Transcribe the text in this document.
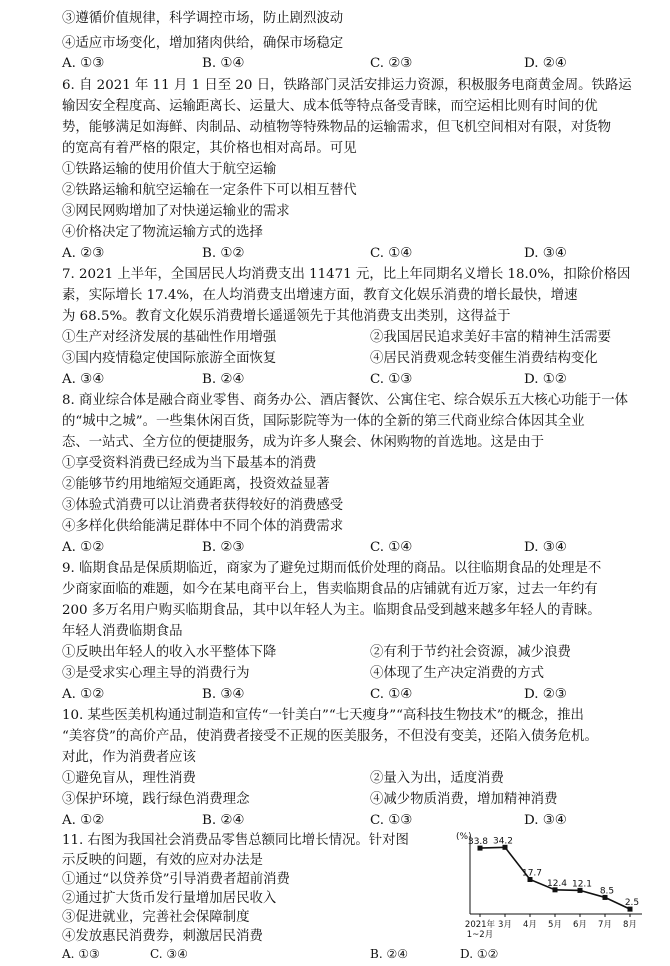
③遵循价值规律，科学调控市场，防止剧烈波动
④适应市场变化，增加猪肉供给，确保市场稳定
A. ①③	B. ①④	C. ②③	D. ②④
6. 自 2021 年 11 月 1 日至 20 日，铁路部门灵活安排运力资源，积极服务电商黄金周。铁路运
输因安全程度高、运输距离长、运量大、成本低等特点备受青睐，而空运相比则有时间的优
势，能够满足如海鲜、肉制品、动植物等特殊物品的运输需求，但飞机空间相对有限，对货物
的宽高有着严格的限定，其价格也相对高昂。可见
①铁路运输的使用价值大于航空运输
②铁路运输和航空运输在一定条件下可以相互替代
③网民网购增加了对快递运输业的需求
④价格决定了物流运输方式的选择
A. ②③	B. ①②	C. ①④	D. ③④
7. 2021 上半年，全国居民人均消费支出 11471 元，比上年同期名义增长 18.0%，扣除价格因
素，实际增长 17.4%，在人均消费支出增速方面，教育文化娱乐消费的增长最快，增速
为 68.5%。教育文化娱乐消费增长遥遥领先于其他消费支出类别，这得益于
①生产对经济发展的基础性作用增强	②我国居民追求美好丰富的精神生活需要
③国内疫情稳定使国际旅游全面恢复	④居民消费观念转变催生消费结构变化
A. ③④	B. ②④	C. ①③	D. ①②
8. 商业综合体是融合商业零售、商务办公、酒店餐饮、公寓住宅、综合娱乐五大核心功能于一体
的“城中之城”。一些集休闲百货，国际影院等为一体的全新的第三代商业综合体因其全业
态、一站式、全方位的便捷服务，成为许多人聚会、休闲购物的首选地。这是由于
①享受资料消费已经成为当下最基本的消费
②能够节约用地缩短交通距离，投资效益显著
③体验式消费可以让消费者获得较好的消费感受
④多样化供给能满足群体中不同个体的消费需求
A. ①②	B. ②③	C. ①④	D. ③④
9. 临期食品是保质期临近，商家为了避免过期而低价处理的商品。以往临期食品的处理是不
少商家面临的难题，如今在某电商平台上，售卖临期食品的店铺就有近万家，过去一年约有
200 多万名用户购买临期食品，其中以年轻人为主。临期食品受到越来越多年轻人的青睐。
年轻人消费临期食品
①反映出年轻人的收入水平整体下降	②有利于节约社会资源，减少浪费
③是受求实心理主导的消费行为	④体现了生产决定消费的方式
A. ①②	B. ③④	C. ①④	D. ②③
10. 某些医美机构通过制造和宣传“一针美白”“七天瘦身”“高科技生物技术”的概念，推出
“美容贷”的高价产品，使消费者接受不正规的医美服务，不但没有变美，还陷入债务危机。
对此，作为消费者应该
①避免盲从，理性消费	②量入为出，适度消费
③保护环境，践行绿色消费理念	④减少物质消费，增加精神消费
A. ①②	B. ②④	C. ①③	D. ③④
11. 右图为我国社会消费品零售总额同比增长情况。针对图
示反映的问题，有效的应对办法是
①通过“以贷养贷”引导消费者超前消费
②通过扩大货币发行量增加居民收入
③促进就业，完善社会保障制度
④发放惠民消费券，刺激居民消费
A. ①③	B. ②④
C. ③④	D. ①②
(%)
33.8
2021年
34.2
3月
17.7
4月
12.4
5月
12.1
6月
8.5
7月
2.5
8月
1~2月
